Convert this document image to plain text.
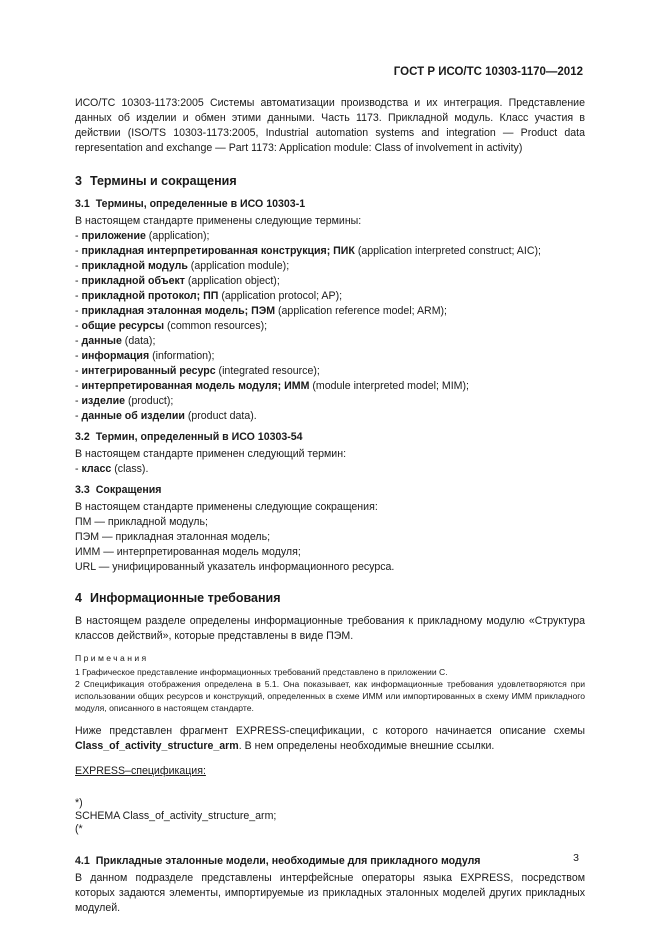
ГОСТ Р ИСО/ТС 10303-1170—2012

ИСО/ТС 10303-1173:2005 Системы автоматизации производства и их интеграция. Представление данных об изделии и обмен этими данными. Часть 1173. Прикладной модуль. Класс участия в действии (ISO/TS 10303-1173:2005, Industrial automation systems and integration — Product data representation and exchange — Part 1173: Application module: Class of involvement in activity)

3 Термины и сокращения
3.1 Термины, определенные в ИСО 10303-1

В настоящем стандарте применены следующие термины:

- приложение (application);

- прикладная интерпретированная конструкция; ПИК (application interpreted construct; AIC);

- прикладной модуль (application module);

- прикладной объект (application object);

- прикладной протокол; ПП (application protocol; AP);

- прикладная эталонная модель; ПЭМ (application reference model; ARM);

- общие ресурсы (common resources);

- данные (data);

- информация (information);

- интегрированный ресурс (integrated resource);

- интерпретированная модель модуля; ИММ (module interpreted model; MIM);

- изделие (product);

- данные об изделии (product data).

3.2 Термин, определенный в ИСО 10303-54

В настоящем стандарте применен следующий термин:

- класс (class).

3.3 Сокращения

В настоящем стандарте применены следующие сокращения:

ПМ — прикладной модуль;

ПЭМ — прикладная эталонная модель;

ИММ — интерпретированная модель модуля;

URL — унифицированный указатель информационного ресурса.

4 Информационные требования

В настоящем разделе определены информационные требования к прикладному модулю «Структура классов действий», которые представлены в виде ПЭМ.

Примечания

1 Графическое представление информационных требований представлено в приложении С.

2 Спецификация отображения определена в 5.1. Она показывает, как информационные требования удовлетворяются при использовании общих ресурсов и конструкций, определенных в схеме ИММ или импортированных в схему ИММ прикладного модуля, описанного в настоящем стандарте.

Ниже представлен фрагмент EXPRESS-спецификации, с которого начинается описание схемы Class_of_activity_structure_arm. В нем определены необходимые внешние ссылки.

EXPRESS–спецификация:

*)

SCHEMA Class_of_activity_structure_arm;

(*

4.1 Прикладные эталонные модели, необходимые для прикладного модуля

В данном подразделе представлены интерфейсные операторы языка EXPRESS, посредством которых задаются элементы, импортируемые из прикладных эталонных моделей других прикладных модулей.

3
